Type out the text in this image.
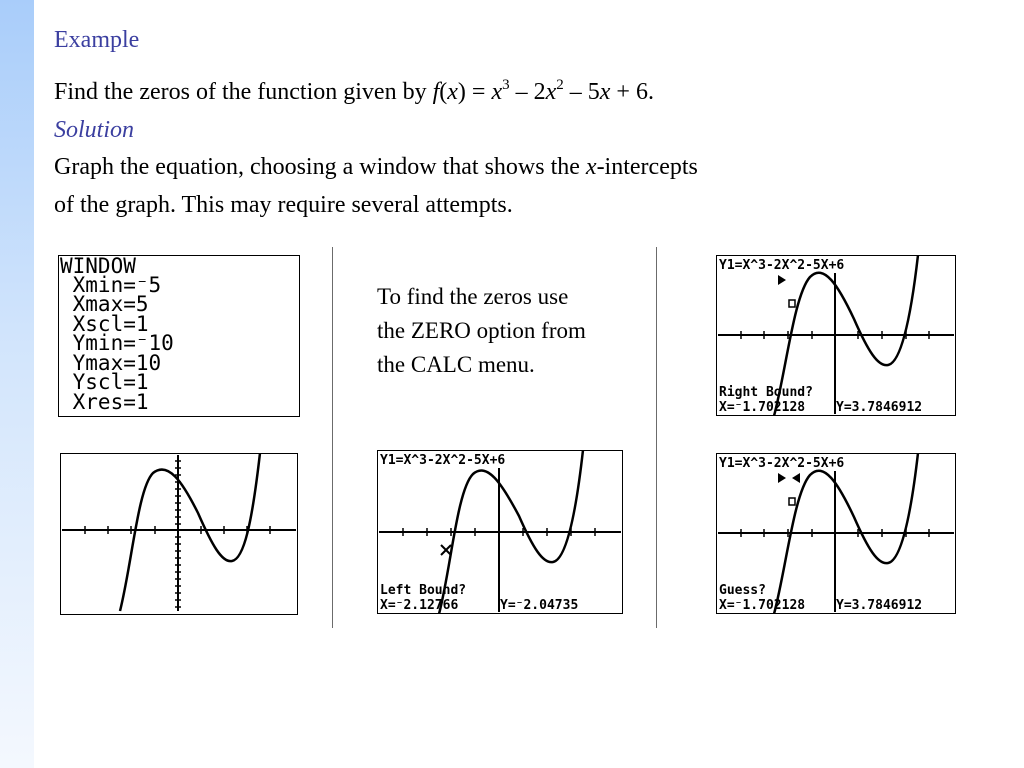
Example
Find the zeros of the function given by $f(x) = x^3 - 2x^2 - 5x + 6$.
Solution
Graph the equation, choosing a window that shows the x-intercepts
of the graph. This may require several attempts.
WINDOW
Xmin=⁻5
Xmax=5
Xscl=1
Ymin=⁻10
Ymax=10
Yscl=1
Xres=1
To find the zeros use
the ZERO option from
the CALC menu.
Y1=X^3-2X^2-5X+6
Left Bound?
X=⁻2.12766	Y=⁻2.04735
Y1=X^3-2X^2-5X+6
Right Bound?
X=⁻1.702128 Y=3.7846912
Y1=X^3-2X^2-5X+6
Guess?
X=⁻1.702128 Y=3.7846912
